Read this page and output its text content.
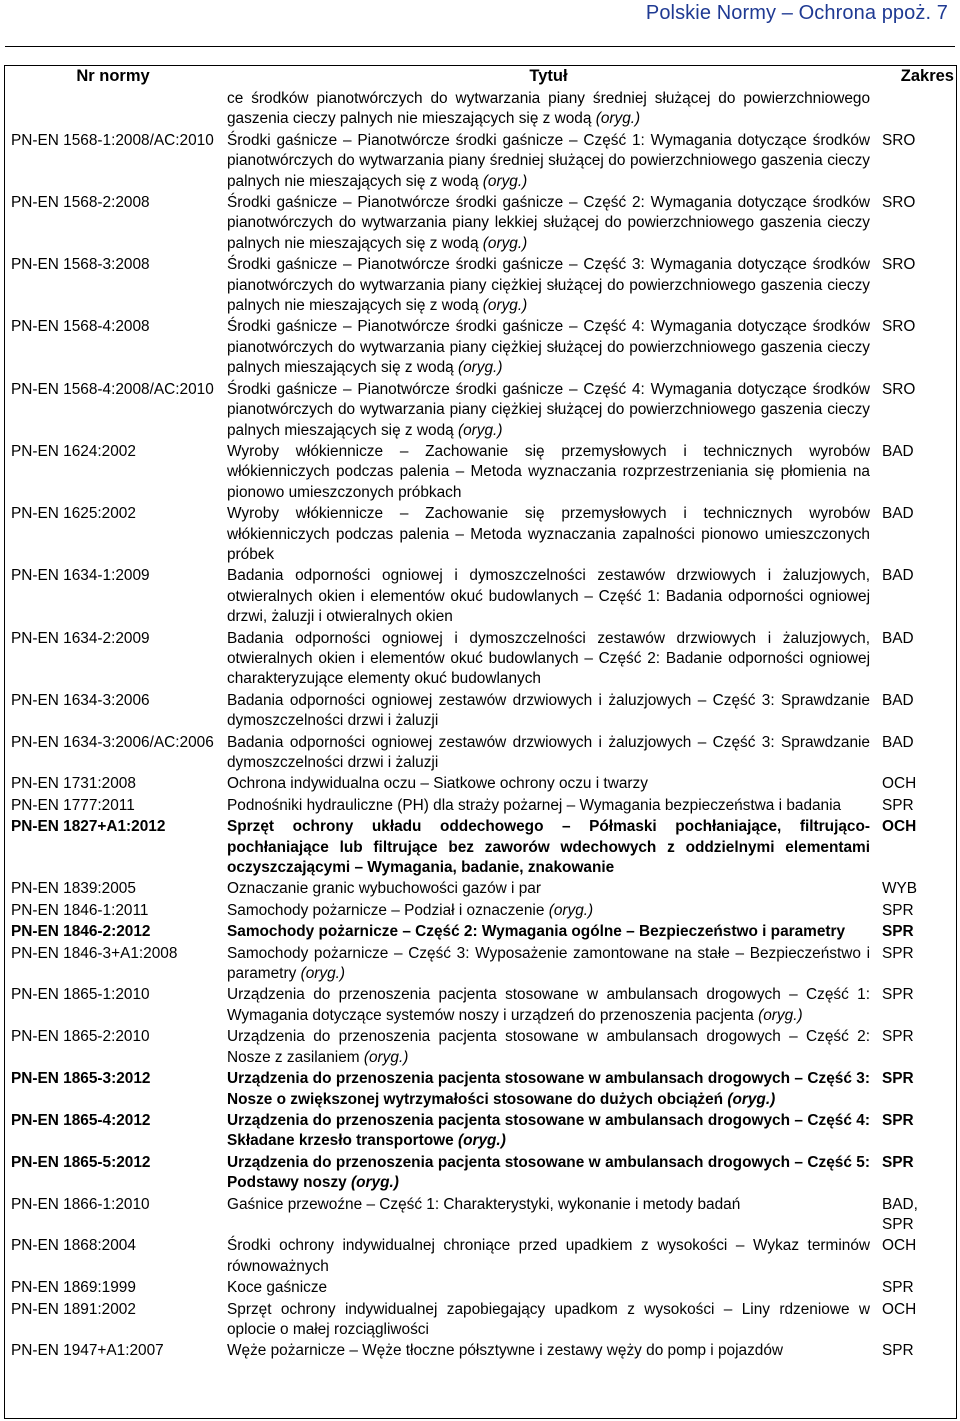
Polskie Normy – Ochrona ppoż. 7
Nr normy	Tytuł	Zakres
	ce środków pianotwórczych do wytwarzania piany średniej służącej do powierzchniowego gaszenia cieczy palnych nie mieszających się z wodą (oryg.)	
PN-EN 1568-1:2008/AC:2010	Środki gaśnicze – Pianotwórcze środki gaśnicze – Część 1: Wymagania dotyczące środków pianotwórczych do wytwarzania piany średniej służącej do powierzchniowego gaszenia cieczy palnych nie mieszających się z wodą (oryg.)	SRO
PN-EN 1568-2:2008	Środki gaśnicze – Pianotwórcze środki gaśnicze – Część 2: Wymagania dotyczące środków pianotwórczych do wytwarzania piany lekkiej służącej do powierzchniowego gaszenia cieczy palnych nie mieszających się z wodą (oryg.)	SRO
PN-EN 1568-3:2008	Środki gaśnicze – Pianotwórcze środki gaśnicze – Część 3: Wymagania dotyczące środków pianotwórczych do wytwarzania piany ciężkiej służącej do powierzchniowego gaszenia cieczy palnych nie mieszających się z wodą (oryg.)	SRO
PN-EN 1568-4:2008	Środki gaśnicze – Pianotwórcze środki gaśnicze – Część 4: Wymagania dotyczące środków pianotwórczych do wytwarzania piany ciężkiej służącej do powierzchniowego gaszenia cieczy palnych mieszających się z wodą (oryg.)	SRO
PN-EN 1568-4:2008/AC:2010	Środki gaśnicze – Pianotwórcze środki gaśnicze – Część 4: Wymagania dotyczące środków pianotwórczych do wytwarzania piany ciężkiej służącej do powierzchniowego gaszenia cieczy palnych mieszających się z wodą (oryg.)	SRO
PN-EN 1624:2002	Wyroby włókiennicze – Zachowanie się przemysłowych i technicznych wyrobów włókienniczych podczas palenia – Metoda wyznaczania rozprzestrzeniania się płomienia na pionowo umieszczonych próbkach	BAD
PN-EN 1625:2002	Wyroby włókiennicze – Zachowanie się przemysłowych i technicznych wyrobów włókienniczych podczas palenia – Metoda wyznaczania zapalności pionowo umieszczonych próbek	BAD
PN-EN 1634-1:2009	Badania odporności ogniowej i dymoszczelności zestawów drzwiowych i żaluzjowych, otwieralnych okien i elementów okuć budowlanych – Część 1: Badania odporności ogniowej drzwi, żaluzji i otwieralnych okien	BAD
PN-EN 1634-2:2009	Badania odporności ogniowej i dymoszczelności zestawów drzwiowych i żaluzjowych, otwieralnych okien i elementów okuć budowlanych – Część 2: Badanie odporności ogniowej charakteryzujące elementy okuć budowlanych	BAD
PN-EN 1634-3:2006	Badania odporności ogniowej zestawów drzwiowych i żaluzjowych – Część 3: Sprawdzanie dymoszczelności drzwi i żaluzji	BAD
PN-EN 1634-3:2006/AC:2006	Badania odporności ogniowej zestawów drzwiowych i żaluzjowych – Część 3: Sprawdzanie dymoszczelności drzwi i żaluzji	BAD
PN-EN 1731:2008	Ochrona indywidualna oczu – Siatkowe ochrony oczu i twarzy	OCH
PN-EN 1777:2011	Podnośniki hydrauliczne (PH) dla straży pożarnej – Wymagania bezpieczeństwa i badania	SPR
PN-EN 1827+A1:2012	Sprzęt ochrony układu oddechowego – Półmaski pochłaniające, filtrująco-pochłaniające lub filtrujące bez zaworów wdechowych z oddzielnymi elementami oczyszczającymi – Wymagania, badanie, znakowanie	OCH
PN-EN 1839:2005	Oznaczanie granic wybuchowości gazów i par	WYB
PN-EN 1846-1:2011	Samochody pożarnicze – Podział i oznaczenie (oryg.)	SPR
PN-EN 1846-2:2012	Samochody pożarnicze – Część 2: Wymagania ogólne – Bezpieczeństwo i parametry	SPR
PN-EN 1846-3+A1:2008	Samochody pożarnicze – Część 3: Wyposażenie zamontowane na stałe – Bezpieczeństwo i parametry (oryg.)	SPR
PN-EN 1865-1:2010	Urządzenia do przenoszenia pacjenta stosowane w ambulansach drogowych – Część 1: Wymagania dotyczące systemów noszy i urządzeń do przenoszenia pacjenta (oryg.)	SPR
PN-EN 1865-2:2010	Urządzenia do przenoszenia pacjenta stosowane w ambulansach drogowych – Część 2: Nosze z zasilaniem (oryg.)	SPR
PN-EN 1865-3:2012	Urządzenia do przenoszenia pacjenta stosowane w ambulansach drogowych – Część 3: Nosze o zwiększonej wytrzymałości stosowane do dużych obciążeń (oryg.)	SPR
PN-EN 1865-4:2012	Urządzenia do przenoszenia pacjenta stosowane w ambulansach drogowych – Część 4: Składane krzesło transportowe (oryg.)	SPR
PN-EN 1865-5:2012	Urządzenia do przenoszenia pacjenta stosowane w ambulansach drogowych – Część 5: Podstawy noszy (oryg.)	SPR
PN-EN 1866-1:2010	Gaśnice przewoźne – Część 1: Charakterystyki, wykonanie i metody badań	BAD, SPR
PN-EN 1868:2004	Środki ochrony indywidualnej chroniące przed upadkiem z wysokości – Wykaz terminów równoważnych	OCH
PN-EN 1869:1999	Koce gaśnicze	SPR
PN-EN 1891:2002	Sprzęt ochrony indywidualnej zapobiegający upadkom z wysokości – Liny rdzeniowe w oplocie o małej rozciągliwości	OCH
PN-EN 1947+A1:2007	Węże pożarnicze – Węże tłoczne półsztywne i zestawy węży do pomp i pojazdów	SPR
